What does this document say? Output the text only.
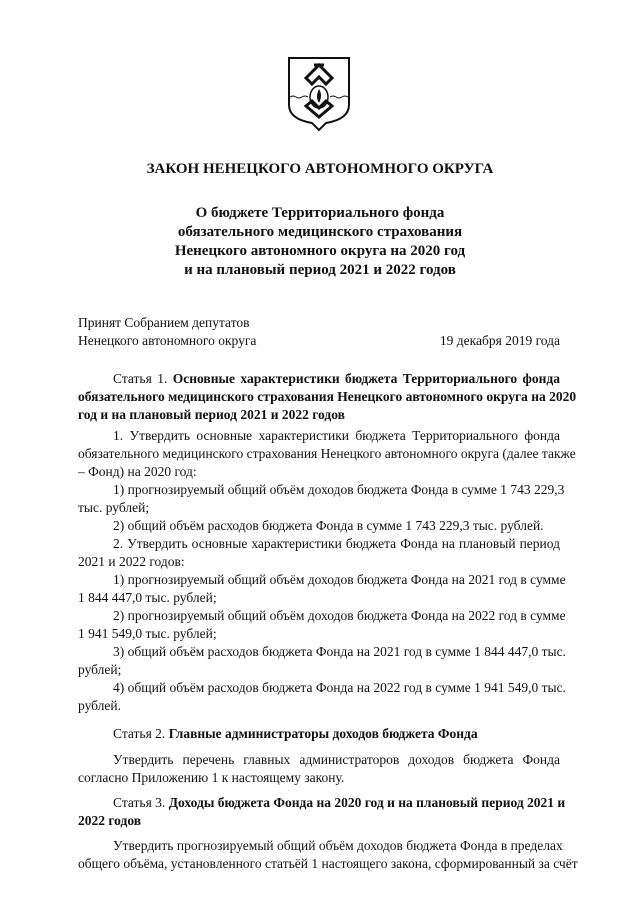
ЗАКОН НЕНЕЦКОГО АВТОНОМНОГО ОКРУГА
О бюджете Территориального фонда
обязательного медицинского страхования
Ненецкого автономного округа на 2020 год
и на плановый период 2021 и 2022 годов
Принят Собранием депутатов
Ненецкого автономного округа	19 декабря 2019 года
Статья 1. Основные характеристики бюджета Территориального фонда
обязательного медицинского страхования Ненецкого автономного округа на 2020
год и на плановый период 2021 и 2022 годов
1. Утвердить основные характеристики бюджета Территориального фонда
обязательного медицинского страхования Ненецкого автономного округа (далее также
– Фонд) на 2020 год:
1) прогнозируемый общий объём доходов бюджета Фонда в сумме 1 743 229,3
тыс. рублей;
2) общий объём расходов бюджета Фонда в сумме 1 743 229,3 тыс. рублей.
2. Утвердить основные характеристики бюджета Фонда на плановый период
2021 и 2022 годов:
1) прогнозируемый общий объём доходов бюджета Фонда на 2021 год в сумме
1 844 447,0 тыс. рублей;
2) прогнозируемый общий объём доходов бюджета Фонда на 2022 год в сумме
1 941 549,0 тыс. рублей;
3) общий объём расходов бюджета Фонда на 2021 год в сумме 1 844 447,0 тыс.
рублей;
4) общий объём расходов бюджета Фонда на 2022 год в сумме 1 941 549,0 тыс.
рублей.
Статья 2. Главные администраторы доходов бюджета Фонда
Утвердить перечень главных администраторов доходов бюджета Фонда
согласно Приложению 1 к настоящему закону.
Статья 3. Доходы бюджета Фонда на 2020 год и на плановый период 2021 и
2022 годов
Утвердить прогнозируемый общий объём доходов бюджета Фонда в пределах
общего объёма, установленного статьёй 1 настоящего закона, сформированный за счёт
